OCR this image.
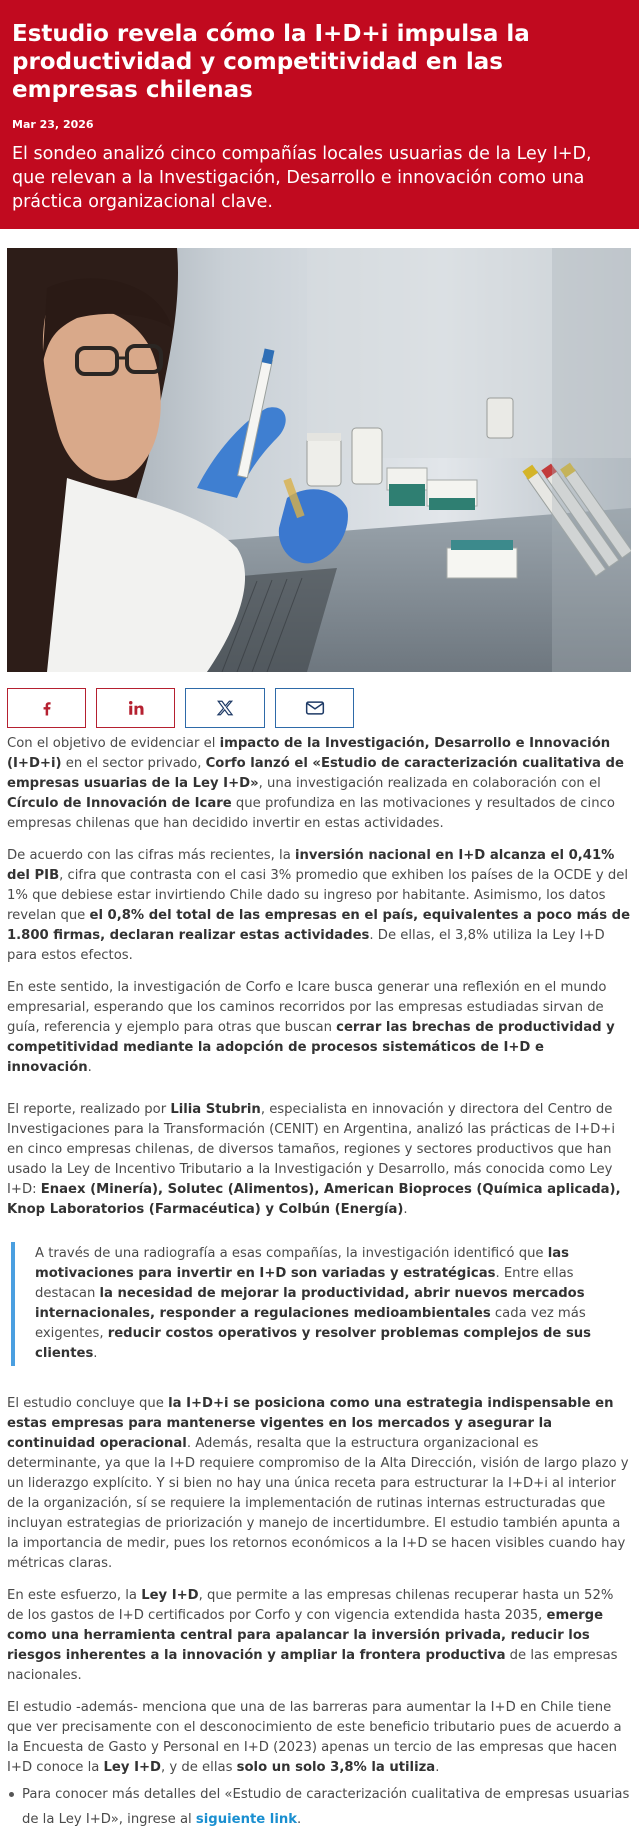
Estudio revela cómo la I+D+i impulsa la productividad y competitividad en las empresas chilenas
Mar 23, 2026

El sondeo analizó cinco compañías locales usuarias de la Ley I+D, que relevan a la Investigación, Desarrollo e innovación como una práctica organizacional clave.

Con el objetivo de evidenciar el impacto de la Investigación, Desarrollo e Innovación (I+D+i) en el sector privado, Corfo lanzó el «Estudio de caracterización cualitativa de empresas usuarias de la Ley I+D», una investigación realizada en colaboración con el Círculo de Innovación de Icare que profundiza en las motivaciones y resultados de cinco empresas chilenas que han decidido invertir en estas actividades.

De acuerdo con las cifras más recientes, la inversión nacional en I+D alcanza el 0,41% del PIB, cifra que contrasta con el casi 3% promedio que exhiben los países de la OCDE y del 1% que debiese estar invirtiendo Chile dado su ingreso por habitante. Asimismo, los datos revelan que el 0,8% del total de las empresas en el país, equivalentes a poco más de 1.800 firmas, declaran realizar estas actividades. De ellas, el 3,8% utiliza la Ley I+D para estos efectos.

En este sentido, la investigación de Corfo e Icare busca generar una reflexión en el mundo empresarial, esperando que los caminos recorridos por las empresas estudiadas sirvan de guía, referencia y ejemplo para otras que buscan cerrar las brechas de productividad y competitividad mediante la adopción de procesos sistemáticos de I+D e innovación.

El reporte, realizado por Lilia Stubrin, especialista en innovación y directora del Centro de Investigaciones para la Transformación (CENIT) en Argentina, analizó las prácticas de I+D+i en cinco empresas chilenas, de diversos tamaños, regiones y sectores productivos que han usado la Ley de Incentivo Tributario a la Investigación y Desarrollo, más conocida como Ley I+D: Enaex (Minería), Solutec (Alimentos), American Bioproces (Química aplicada), Knop Laboratorios (Farmacéutica) y Colbún (Energía).

A través de una radiografía a esas compañías, la investigación identificó que las motivaciones para invertir en I+D son variadas y estratégicas. Entre ellas destacan la necesidad de mejorar la productividad, abrir nuevos mercados internacionales, responder a regulaciones medioambientales cada vez más exigentes, reducir costos operativos y resolver problemas complejos de sus clientes.

El estudio concluye que la I+D+i se posiciona como una estrategia indispensable en estas empresas para mantenerse vigentes en los mercados y asegurar la continuidad operacional. Además, resalta que la estructura organizacional es determinante, ya que la I+D requiere compromiso de la Alta Dirección, visión de largo plazo y un liderazgo explícito. Y si bien no hay una única receta para estructurar la I+D+i al interior de la organización, sí se requiere la implementación de rutinas internas estructuradas que incluyan estrategias de priorización y manejo de incertidumbre. El estudio también apunta a la importancia de medir, pues los retornos económicos a la I+D se hacen visibles cuando hay métricas claras.

En este esfuerzo, la Ley I+D, que permite a las empresas chilenas recuperar hasta un 52% de los gastos de I+D certificados por Corfo y con vigencia extendida hasta 2035, emerge como una herramienta central para apalancar la inversión privada, reducir los riesgos inherentes a la innovación y ampliar la frontera productiva de las empresas nacionales.

El estudio -además- menciona que una de las barreras para aumentar la I+D en Chile tiene que ver precisamente con el desconocimiento de este beneficio tributario pues de acuerdo a la Encuesta de Gasto y Personal en I+D (2023) apenas un tercio de las empresas que hacen I+D conoce la Ley I+D, y de ellas solo un solo 3,8% la utiliza.

Para conocer más detalles del «Estudio de caracterización cualitativa de empresas usuarias de la Ley I+D», ingrese al siguiente link.
